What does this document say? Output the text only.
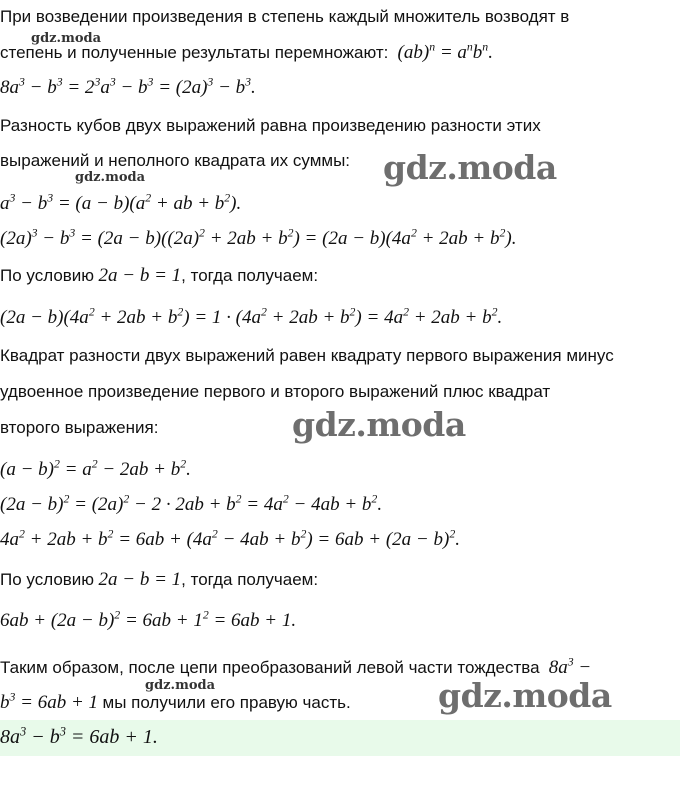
При возведении произведения в степень каждый множитель возводят в
gdz.moda
степень и полученные результаты перемножают:  $(ab)^n = a^nb^n$.
$8a^3 - b^3 = 2^3a^3 - b^3 = (2a)^3 - b^3$.
Разность кубов двух выражений равна произведению разности этих
выражений и неполного квадрата их суммы: gdz.moda
gdz.moda
$a^3 - b^3 = (a - b)(a^2$ + ab + $b^2$).
$(2a)^3 - b^3 = (2a - b)((2a)^2 + 2ab + b^2) = (2a - b)(4a^2 + 2ab + b^2)$.
По условию 2a − b = 1, тогда получаем:
$(2a - b)(4a^2 + 2ab + b^2) = 1 \cdot (4a^2 + 2ab + b^2) = 4a^2 + 2ab + b^2$.
Квадрат разности двух выражений равен квадрату первого выражения минус
удвоенное произведение первого и второго выражений плюс квадрат
второго выражения:	gdz.moda
$(a - b)^2 = a^2 - 2ab + b^2$.
$(2a - b)^2 = (2a)^2 - 2 \cdot 2ab + b^2 = 4a^2 - 4ab + b^2$.
$4a^2 + 2ab + b^2 = 6ab + (4a^2 - 4ab + b^2) = 6ab + (2a - b)^2$.
По условию 2a − b = 1, тогда получаем:
$6ab + (2a - b)^2 = 6ab + 1^2 = 6ab + 1$.
Таким образом, после цепи преобразований левой части тождества  $8a^3$ −
gdz.moda
$b^3 = 6ab + 1$ мы получили его правую часть.	gdz.moda
$8a^3 - b^3 = 6ab + 1$.
